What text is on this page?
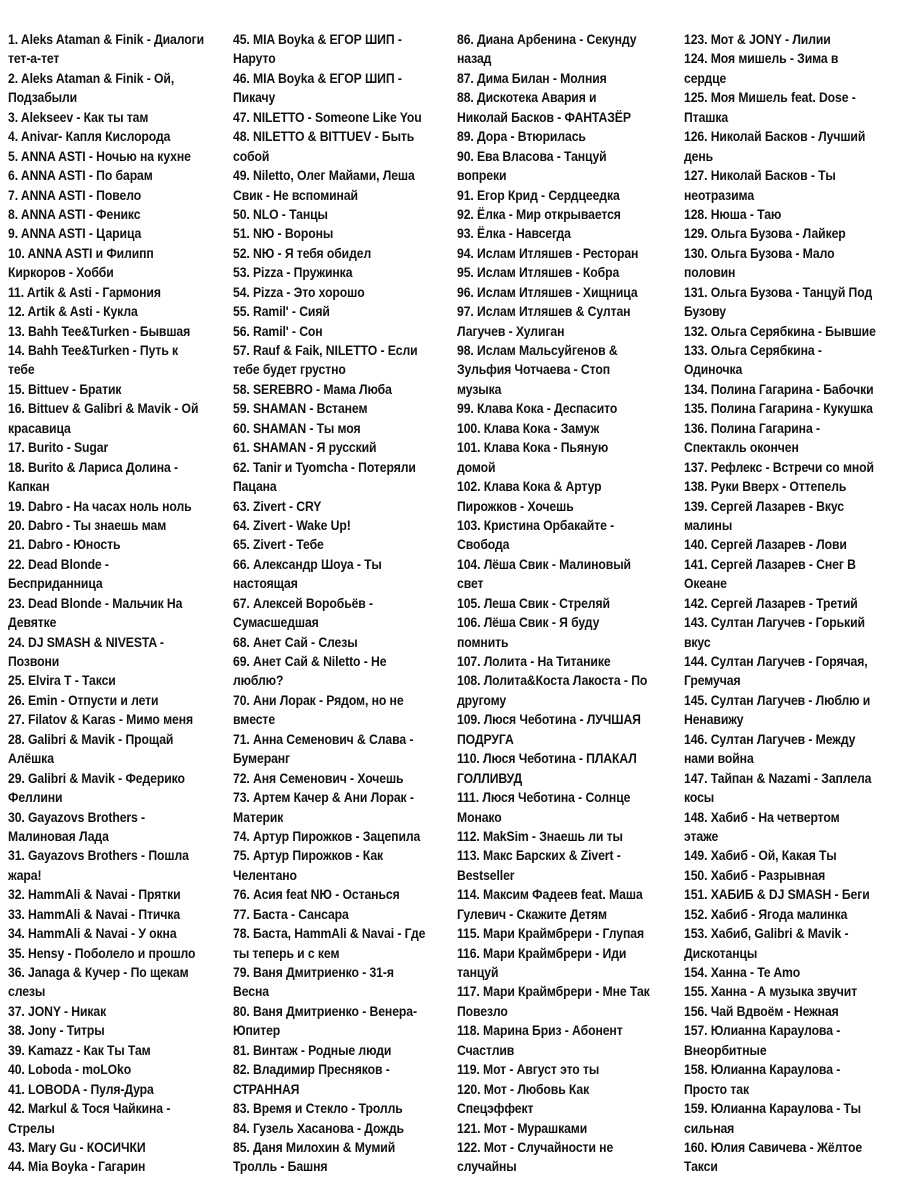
1. Aleks Ataman & Finik - Диалоги
тет-а-тет
2. Aleks Ataman & Finik - Ой,
Подзабыли
3. Alekseev - Как ты там
4. Anivar- Капля Кислорода
5. ANNA ASTI - Ночью на кухне
6. ANNA ASTI - По барам
7. ANNA ASTI - Повело
8. ANNA ASTI - Феникс
9. ANNA ASTI - Царица
10. ANNA ASTI и Филипп
Киркоров - Хобби
11. Artik & Asti - Гармония
12. Artik & Asti - Кукла
13. Bahh Tee&Turken - Бывшая
14. Bahh Tee&Turken - Путь к
тебе
15. Bittuev - Братик
16. Bittuev & Galibri & Mavik - Ой
красавица
17. Burito - Sugar
18. Burito & Лариса Долина -
Капкан
19. Dabro - На часах ноль ноль
20. Dabro - Ты знаешь мам
21. Dabro - Юность
22. Dead Blonde -
Бесприданница
23. Dead Blonde - Мальчик На
Девятке
24. DJ SMASH & NIVESTA -
Позвони
25. Elvira T - Такси
26. Emin - Отпусти и лети
27. Filatov & Karas - Мимо меня
28. Galibri & Mavik - Прощай
Алёшка
29. Galibri & Mavik - Федерико
Феллини
30. Gayazovs Brothers -
Малиновая Лада
31. Gayazovs Brothers - Пошла
жара!
32. HammAli & Navai - Прятки
33. HammAli & Navai - Птичка
34. HammAli & Navai - У окна
35. Hensy - Поболело и прошло
36. Janaga & Кучер - По щекам
слезы
37. JONY - Никак
38. Jony - Титры
39. Kamazz - Как Ты Там
40. Loboda - moLOko
41. LOBODA - Пуля-Дура
42. Markul & Тося Чайкина -
Стрелы
43. Mary Gu - КОСИЧКИ
44. Mia Boyka - Гагарин
45. MIA Boyka & ЕГОР ШИП -
Наруто
46. MIA Boyka & ЕГОР ШИП -
Пикачу
47. NILETTO - Someone Like You
48. NILETTO & BITTUEV - Быть
собой
49. Niletto, Олег Майами, Леша
Свик - Не вспоминай
50. NLO - Танцы
51. NЮ - Вороны
52. NЮ - Я тебя обидел
53. Pizza - Пружинка
54. Pizza - Это хорошо
55. Ramil' - Сияй
56. Ramil' - Сон
57. Rauf & Faik, NILETTO - Если
тебе будет грустно
58. SEREBRO - Мама Люба
59. SHAMAN - Встанем
60. SHAMAN - Ты моя
61. SHAMAN - Я русский
62. Tanir и Tyomcha - Потеряли
Пацана
63. Zivert - CRY
64. Zivert - Wake Up!
65. Zivert - Тебе
66. Александр Шоуа - Ты
настоящая
67. Алексей Воробьёв -
Сумасшедшая
68. Анет Сай - Слезы
69. Анет Сай & Niletto - Не
люблю?
70. Ани Лорак - Рядом, но не
вместе
71. Анна Семенович & Слава -
Бумеранг
72. Аня Семенович - Хочешь
73. Артем Качер & Ани Лорак -
Материк
74. Артур Пирожков - Зацепила
75. Артур Пирожков - Как
Челентано
76. Асия feat NЮ - Останься
77. Баста - Сансара
78. Баста, HammAli & Navai - Где
ты теперь и с кем
79. Ваня Дмитриенко - 31-я
Весна
80. Ваня Дмитриенко - Венера-
Юпитер
81. Винтаж - Родные люди
82. Владимир Пресняков -
СТРАННАЯ
83. Время и Стекло - Тролль
84. Гузель Хасанова - Дождь
85. Даня Милохин & Мумий
Тролль - Башня
86. Диана Арбенина - Секунду
назад
87. Дима Билан - Молния
88. Дискотека Авария и
Николай Басков - ФАНТАЗЁР
89. Дора - Втюрилась
90. Ева Власова - Танцуй
вопреки
91. Егор Крид - Сердцеедка
92. Ёлка - Мир открывается
93. Ёлка - Навсегда
94. Ислам Итляшев - Ресторан
95. Ислам Итляшев - Кобра
96. Ислам Итляшев - Хищница
97. Ислам Итляшев & Султан
Лагучев - Хулиган
98. Ислам Мальсуйгенов &
Зульфия Чотчаева - Стоп
музыка
99. Клава Кока - Деспасито
100. Клава Кока - Замуж
101. Клава Кока - Пьяную
домой
102. Клава Кока & Артур
Пирожков - Хочешь
103. Кристина Орбакайте -
Свобода
104. Лёша Свик - Малиновый
свет
105. Леша Свик - Стреляй
106. Лёша Свик - Я буду
помнить
107. Лолита - На Титанике
108. Лолита&Коста Лакоста - По
другому
109. Люся Чеботина - ЛУЧШАЯ
ПОДРУГА
110. Люся Чеботина - ПЛАКАЛ
ГОЛЛИВУД
111. Люся Чеботина - Солнце
Монако
112. MakSim - Знаешь ли ты
113. Макс Барских & Zivert -
Bestseller
114. Максим Фадеев feat. Маша
Гулевич - Скажите Детям
115. Мари Краймбрери - Глупая
116. Мари Краймбрери - Иди
танцуй
117. Мари Краймбрери - Мне Так
Повезло
118. Марина Бриз - Абонент
Счастлив
119. Мот - Август это ты
120. Мот - Любовь Как
Спецэффект
121. Мот - Мурашками
122. Мот - Случайности не
случайны
123. Мот & JONY - Лилии
124. Моя мишель - Зима в
сердце
125. Моя Мишель feat. Dose -
Пташка
126. Николай Басков - Лучший
день
127. Николай Басков - Ты
неотразима
128. Нюша - Таю
129. Ольга Бузова - Лайкер
130. Ольга Бузова - Мало
половин
131. Ольга Бузова - Танцуй Под
Бузову
132. Ольга Серябкина - Бывшие
133. Ольга Серябкина -
Одиночка
134. Полина Гагарина - Бабочки
135. Полина Гагарина - Кукушка
136. Полина Гагарина -
Спектакль окончен
137. Рефлекс - Встречи со мной
138. Руки Вверх - Оттепель
139. Сергей Лазарев - Вкус
малины
140. Сергей Лазарев - Лови
141. Сергей Лазарев - Снег В
Океане
142. Сергей Лазарев - Третий
143. Султан Лагучев - Горький
вкус
144. Султан Лагучев - Горячая,
Гремучая
145. Султан Лагучев - Люблю и
Ненавижу
146. Султан Лагучев - Между
нами война
147. Тайпан & Nazami - Заплела
косы
148. Хабиб - На четвертом
этаже
149. Хабиб - Ой, Какая Ты
150. Хабиб - Разрывная
151. ХАБИБ & DJ SMASH - Беги
152. Хабиб - Ягода малинка
153. Хабиб, Galibri & Mavik -
Дискотанцы
154. Ханна - Te Amo
155. Ханна - А музыка звучит
156. Чай Вдвоём - Нежная
157. Юлианна Караулова -
Внеорбитные
158. Юлианна Караулова -
Просто так
159. Юлианна Караулова - Ты
сильная
160. Юлия Савичева - Жёлтое
Такси
